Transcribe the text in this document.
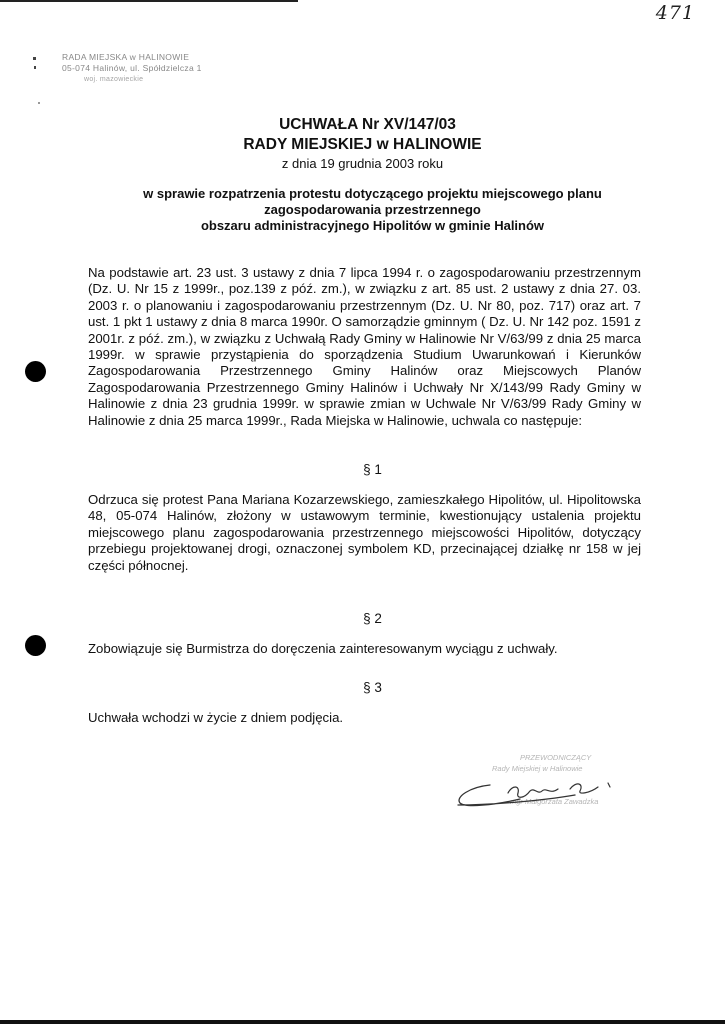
471
RADA MIEJSKA w HALINOWIE
05-074 Halinów, ul. Spółdzielcza 1
woj. mazowieckie
UCHWAŁA Nr XV/147/03
RADY MIEJSKIEJ w HALINOWIE
z dnia 19 grudnia 2003 roku
w sprawie rozpatrzenia protestu dotyczącego projektu miejscowego planu
zagospodarowania przestrzennego
obszaru administracyjnego Hipolitów w gminie Halinów
Na podstawie art. 23 ust. 3 ustawy z dnia 7 lipca 1994 r. o zagospodarowaniu przestrzennym (Dz. U. Nr 15 z 1999r., poz.139 z póź. zm.), w związku z art. 85 ust. 2 ustawy z dnia 27. 03. 2003 r. o planowaniu i zagospodarowaniu przestrzennym (Dz. U. Nr 80, poz. 717) oraz art. 7 ust. 1 pkt 1 ustawy z dnia 8 marca 1990r. O samorządzie gminnym ( Dz. U. Nr 142 poz. 1591 z 2001r. z póź. zm.), w związku z Uchwałą Rady Gminy w Halinowie Nr V/63/99 z dnia 25 marca 1999r. w sprawie przystąpienia do sporządzenia Studium Uwarunkowań i Kierunków Zagospodarowania Przestrzennego Gminy Halinów oraz Miejscowych Planów Zagospodarowania Przestrzennego Gminy Halinów i Uchwały Nr X/143/99 Rady Gminy w Halinowie z dnia 23 grudnia 1999r. w sprawie zmian w Uchwale Nr V/63/99 Rady Gminy w Halinowie z dnia 25 marca 1999r., Rada Miejska w Halinowie, uchwala co następuje:
§ 1
Odrzuca się protest Pana Mariana Kozarzewskiego, zamieszkałego Hipolitów, ul. Hipolitowska 48, 05-074 Halinów, złożony w ustawowym terminie, kwestionujący ustalenia projektu miejscowego planu zagospodarowania przestrzennego miejscowości Hipolitów, dotyczący przebiegu projektowanej drogi, oznaczonej symbolem KD, przecinającej działkę nr 158 w jej części północnej.
§ 2
Zobowiązuje się Burmistrza do doręczenia zainteresowanym wyciągu z uchwały.
§ 3
Uchwała wchodzi w życie z dniem podjęcia.
PRZEWODNICZĄCY
Rady Miejskiej w Halinowie
mgr Małgorzata Zawadzka
